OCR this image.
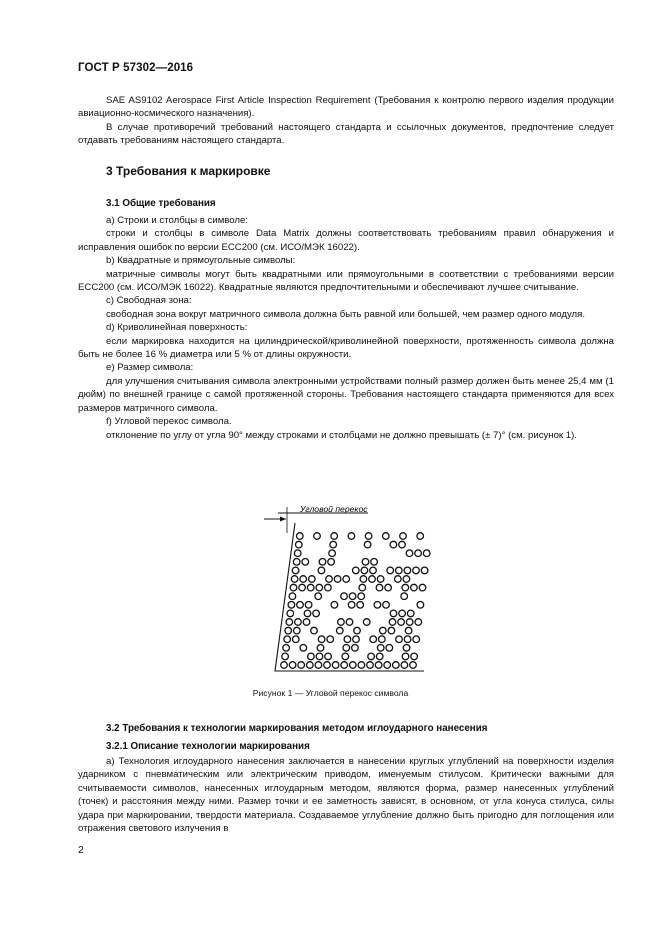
ГОСТ Р 57302—2016

SAE AS9102 Aerospace First Article Inspection Requirement (Требования к контролю первого изделия продукции авиационно-космического назначения).

В случае противоречий требований настоящего стандарта и ссылочных документов, предпочтение следует отдавать требованиям настоящего стандарта.

3 Требования к маркировке
3.1 Общие требования

a) Строки и столбцы в символе:

строки и столбцы в символе Data Matrix должны соответствовать требованиям правил обнаружения и исправления ошибок по версии ЕСС200 (см. ИСО/МЭК 16022).

b) Квадратные и прямоугольные символы:

матричные символы могут быть квадратными или прямоугольными в соответствии с требованиями версии ЕСС200 (см. ИСО/МЭК 16022). Квадратные являются предпочтительными и обеспечивают лучшее считывание.

c) Свободная зона:

свободная зона вокруг матричного символа должна быть равной или большей, чем размер одного модуля.

d) Криволинейная поверхность:

если маркировка находится на цилиндрической/криволинейной поверхности, протяженность символа должна быть не более 16 % диаметра или 5 % от длины окружности.

e) Размер символа:

для улучшения считывания символа электронными устройствами полный размер должен быть менее 25,4 мм (1 дюйм) по внешней границе с самой протяженной стороны. Требования настоящего стандарта применяются для всех размеров матричного символа.

f) Угловой перекос символа.

отклонение по углу от угла 90° между строками и столбцами не должно превышать (± 7)° (см. рисунок 1).

Угловой перекос
Рисунок 1 — Угловой перекос символа
3.2 Требования к технологии маркирования методом иглоударного нанесения
3.2.1 Описание технологии маркирования

а) Технология иглоударного нанесения заключается в нанесении круглых углублений на поверхности изделия ударником с пневматическим или электрическим приводом, именуемым стилусом. Критически важными для считываемости символов, нанесенных иглоударным методом, являются форма, размер нанесенных углублений (точек) и расстояния между ними. Размер точки и ее заметность зависят, в основном, от угла конуса стилуса, силы удара при маркировании, твердости материала. Создаваемое углубление должно быть пригодно для поглощения или отражения светового излучения в

2
